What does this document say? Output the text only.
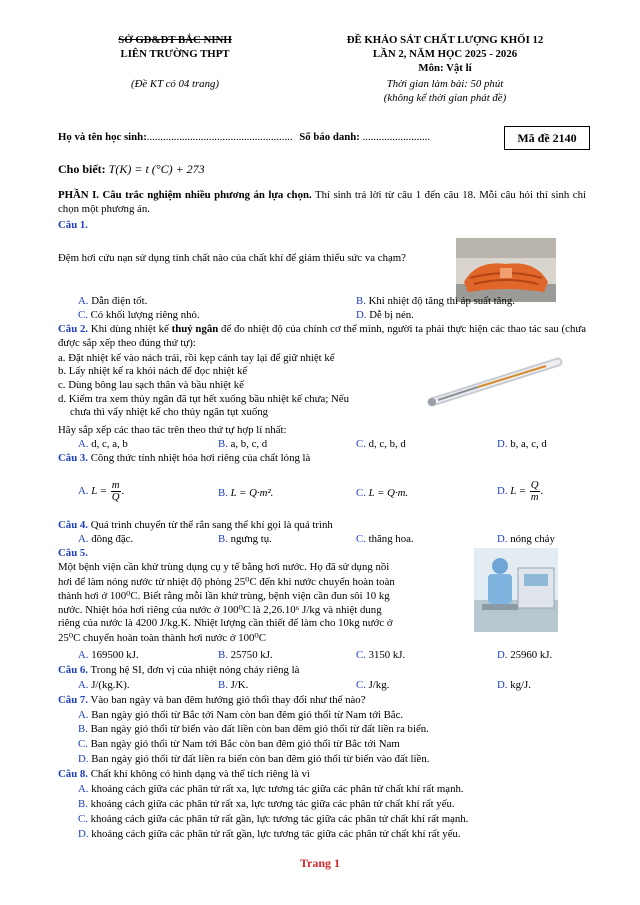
SỞ GD&ĐT BẮC NINH
LIÊN TRƯỜNG THPT
(Đề KT có 04 trang)
ĐỀ KHẢO SÁT CHẤT LƯỢNG KHỐI 12
LẦN 2, NĂM HỌC 2025 - 2026
Môn: Vật lí
Thời gian làm bài: 50 phút
(không kể thời gian phát đề)
Họ và tên học sinh:...................................................... Số báo danh: .........................	Mã đề 2140
Cho biết: T(K) = t (°C) + 273
PHẦN I. Câu trắc nghiệm nhiều phương án lựa chọn. Thí sinh trả lời từ câu 1 đến câu 18. Mỗi câu hỏi thí sinh chỉ chọn một phương án.
Câu 1.
Đệm hơi cứu nạn sử dụng tính chất nào của chất khí để giảm thiểu sức va chạm?
A. Dẫn điện tốt.	B. Khi nhiệt độ tăng thì áp suất tăng.
C. Có khối lượng riêng nhỏ.	D. Dễ bị nén.
Câu 2. Khi dùng nhiệt kế thuỷ ngân để đo nhiệt độ của chính cơ thể mình, người ta phải thực hiện các thao tác sau (chưa được sắp xếp theo đúng thứ tự):
a. Đặt nhiệt kế vào nách trái, rồi kẹp cánh tay lại để giữ nhiệt kế
b. Lấy nhiệt kế ra khỏi nách để đọc nhiệt kế
c. Dùng bông lau sạch thân và bầu nhiệt kế
d. Kiểm tra xem thủy ngân đã tụt hết xuống bầu nhiệt kế chưa; Nếu
chưa thì vẩy nhiệt kế cho thủy ngân tụt xuống
Hãy sắp xếp các thao tác trên theo thứ tự hợp lí nhất:
A. d, c, a, b	B. a, b, c, d	C. d, c, b, d	D. b, a, c, d
Câu 3. Công thức tính nhiệt hóa hơi riêng của chất lỏng là
A. $L = \frac{m}{Q}$ .	B. L = Q·m².	C. L = Q·m.	D. $L = \frac{Q}{m}$ .
Câu 4. Quá trình chuyển từ thể rắn sang thể khí gọi là quá trình
A. đông đặc.	B. ngưng tụ.	C. thăng hoa.	D. nóng chảy
Câu 5.
Một bệnh viện cần khử trùng dụng cụ y tế bằng hơi nước. Họ đã sử dụng nồi
hơi để làm nóng nước từ nhiệt độ phòng 25⁰C đến khi nước chuyển hoàn toàn
thành hơi ở 100⁰C. Biết rằng mỗi lần khử trùng, bệnh viện cần đun sôi 10 kg
nước. Nhiệt hóa hơi riêng của nước ở 100⁰C là 2,26.10⁶ J/kg và nhiệt dung
riêng của nước là 4200 J/kg.K. Nhiệt lượng cần thiết để làm cho 10kg nước ở
25⁰C chuyển hoàn toàn thành hơi nước ở 100⁰C
A. 169500 kJ.	B. 25750 kJ.	C. 3150 kJ.	D. 25960 kJ.
Câu 6. Trong hệ SI, đơn vị của nhiệt nóng chảy riêng là
A. J/(kg.K).	B. J/K.	C. J/kg.	D. kg/J.
Câu 7. Vào ban ngày và ban đêm hướng gió thổi thay đổi như thế nào?
A. Ban ngày gió thổi từ Bắc tới Nam còn ban đêm gió thổi từ Nam tới Bắc.
B. Ban ngày gió thổi từ biển vào đất liền còn ban đêm gió thổi từ đất liền ra biển.
C. Ban ngày gió thổi từ Nam tới Bắc còn ban đêm gió thổi từ Bắc tới Nam
D. Ban ngày gió thổi từ đất liền ra biển còn ban đêm gió thổi từ biển vào đất liền.
Câu 8. Chất khí không có hình dạng và thể tích riêng là vì
A. khoảng cách giữa các phân tử rất xa, lực tương tác giữa các phân tử chất khí rất mạnh.
B. khoảng cách giữa các phân tử rất xa, lực tương tác giữa các phân tử chất khí rất yếu.
C. khoảng cách giữa các phân tử rất gần, lực tương tác giữa các phân tử chất khí rất mạnh.
D. khoảng cách giữa các phân tử rất gần, lực tương tác giữa các phân tử chất khí rất yếu.
Trang 1
